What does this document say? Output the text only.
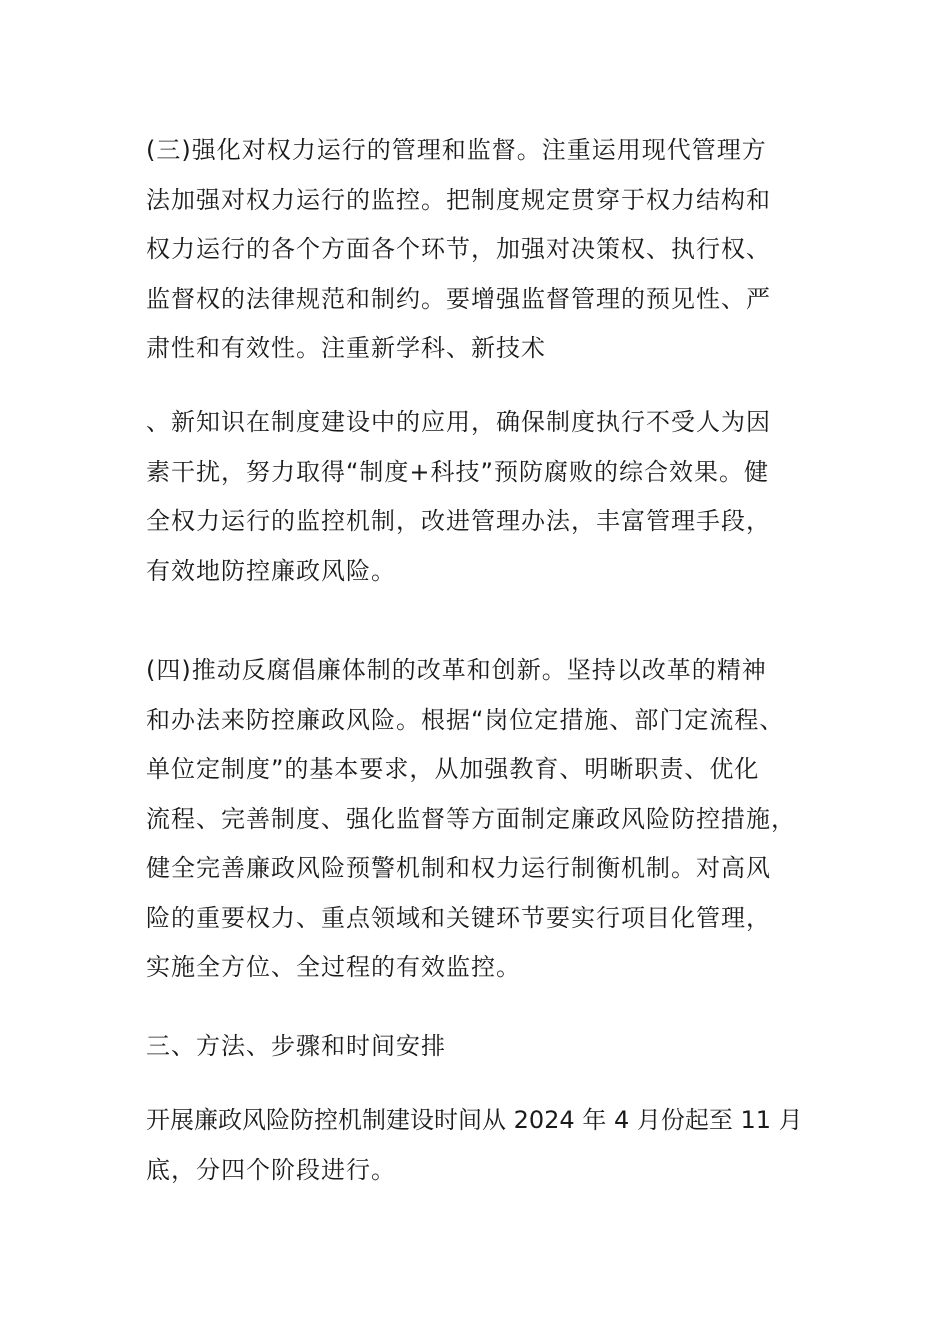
(三)强化对权力运行的管理和监督。注重运用现代管理方
法加强对权力运行的监控。把制度规定贯穿于权力结构和
权力运行的各个方面各个环节，加强对决策权、执行权、
监督权的法律规范和制约。要增强监督管理的预见性、严
肃性和有效性。注重新学科、新技术
、新知识在制度建设中的应用，确保制度执行不受人为因
素干扰，努力取得“制度+科技”预防腐败的综合效果。健
全权力运行的监控机制，改进管理办法，丰富管理手段，
有效地防控廉政风险。
(四)推动反腐倡廉体制的改革和创新。坚持以改革的精神
和办法来防控廉政风险。根据“岗位定措施、部门定流程、
单位定制度”的基本要求，从加强教育、明晰职责、优化
流程、完善制度、强化监督等方面制定廉政风险防控措施，
健全完善廉政风险预警机制和权力运行制衡机制。对高风
险的重要权力、重点领域和关键环节要实行项目化管理，
实施全方位、全过程的有效监控。
三、方法、步骤和时间安排
开展廉政风险防控机制建设时间从 2024 年 4 月份起至 11 月
底，分四个阶段进行。
